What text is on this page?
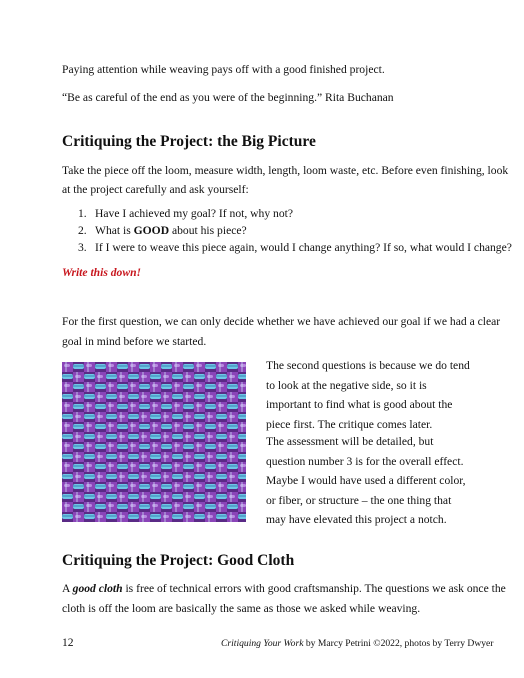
Paying attention while weaving pays off with a good finished project.
“Be as careful of the end as you were of the beginning.” Rita Buchanan
Critiquing the Project: the Big Picture
Take the piece off the loom, measure width, length, loom waste, etc. Before even finishing, look
at the project carefully and ask yourself:
1. Have I achieved my goal? If not, why not?
2. What is GOOD about his piece?
3. If I were to weave this piece again, would I change anything? If so, what would I change?
Write this down!
For the first question, we can only decide whether we have achieved our goal if we had a clear
goal in mind before we started.
The second questions is because we do tend to look at the negative side, so it is important to find what is good about the piece first. The critique comes later.
The assessment will be detailed, but question number 3 is for the overall effect. Maybe I would have used a different color, or fiber, or structure – the one thing that may have elevated this project a notch.
Critiquing the Project: Good Cloth
A good cloth is free of technical errors with good craftsmanship. The questions we ask once the
cloth is off the loom are basically the same as those we asked while weaving.
12	Critiquing Your Work by Marcy Petrini ©2022, photos by Terry Dwyer
